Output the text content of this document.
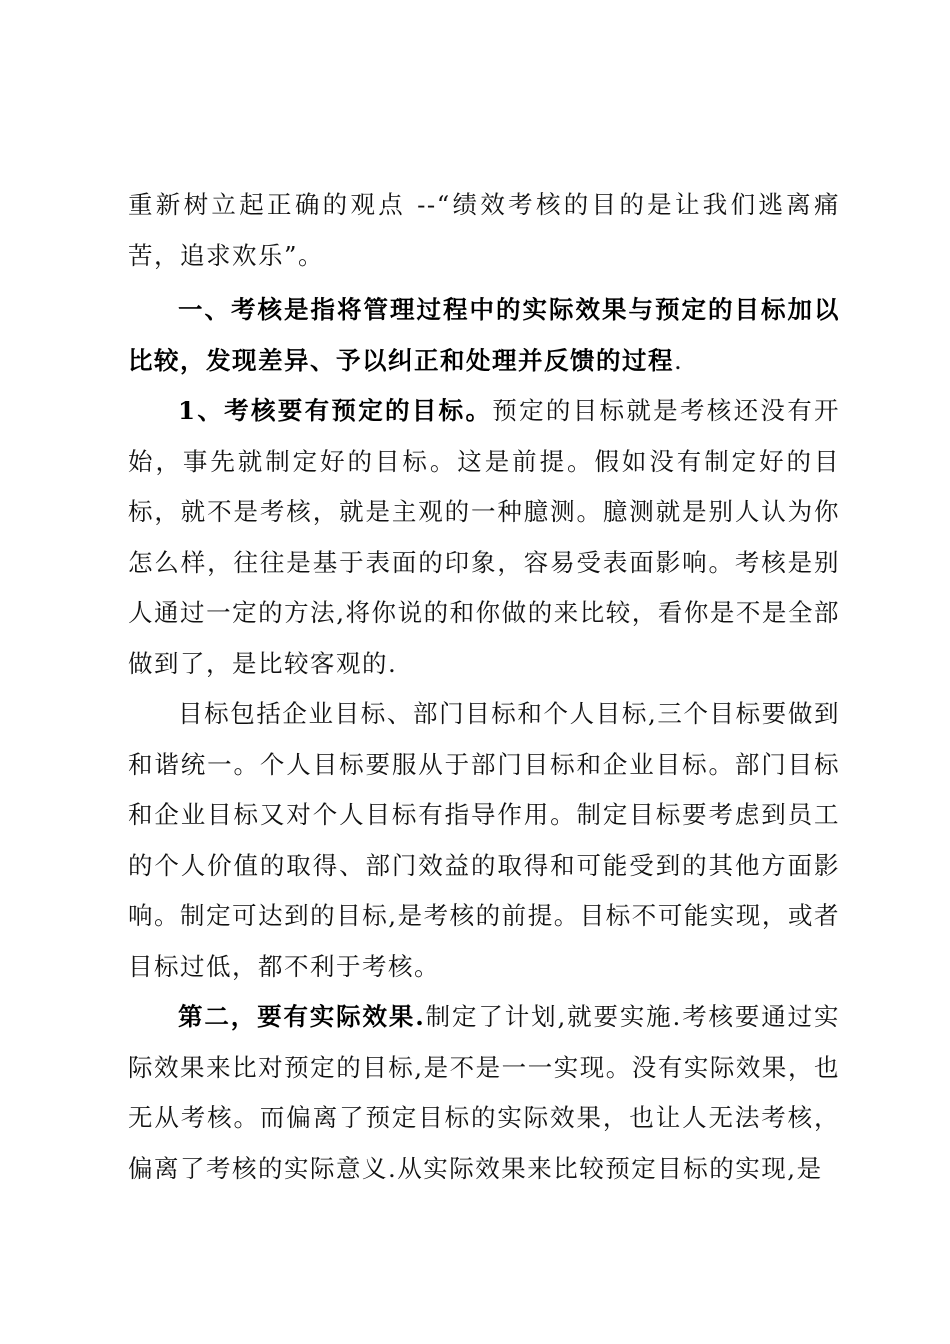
重新树立起正确的观点 --“绩效考核的目的是让我们逃离痛苦，追求欢乐”。

一、考核是指将管理过程中的实际效果与预定的目标加以比较，发现差异、予以纠正和处理并反馈的过程.

1、考核要有预定的目标。预定的目标就是考核还没有开始，事先就制定好的目标。这是前提。假如没有制定好的目标，就不是考核，就是主观的一种臆测。臆测就是别人认为你怎么样，往往是基于表面的印象，容易受表面影响。考核是别人通过一定的方法,将你说的和你做的来比较，看你是不是全部做到了，是比较客观的.

目标包括企业目标、部门目标和个人目标,三个目标要做到和谐统一。个人目标要服从于部门目标和企业目标。部门目标和企业目标又对个人目标有指导作用。制定目标要考虑到员工的个人价值的取得、部门效益的取得和可能受到的其他方面影响。制定可达到的目标,是考核的前提。目标不可能实现，或者目标过低，都不利于考核。

第二，要有实际效果.制定了计划,就要实施.考核要通过实际效果来比对预定的目标,是不是一一实现。没有实际效果，也无从考核。而偏离了预定目标的实际效果，也让人无法考核，偏离了考核的实际意义.从实际效果来比较预定目标的实现,是
